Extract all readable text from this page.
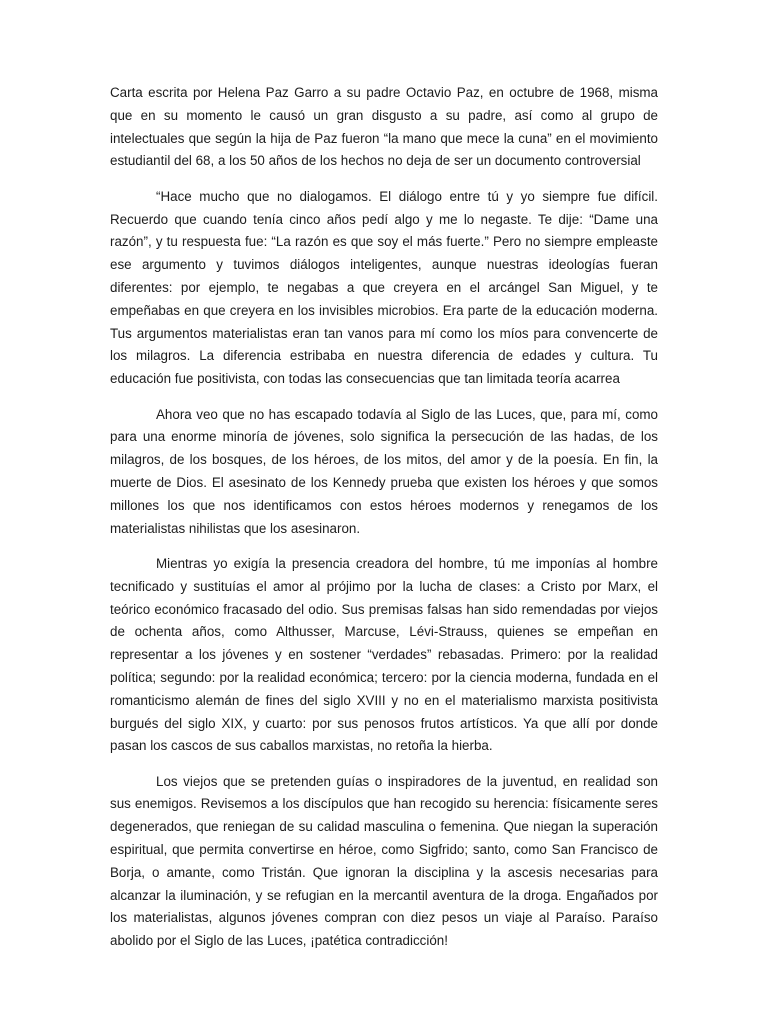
Carta escrita por Helena Paz Garro a su padre Octavio Paz, en octubre de 1968, misma que en su momento le causó un gran disgusto a su padre, así como al grupo de intelectuales que según la hija de Paz fueron “la mano que mece la cuna” en el movimiento estudiantil del 68, a los 50 años de los hechos no deja de ser un documento controversial

“Hace mucho que no dialogamos. El diálogo entre tú y yo siempre fue difícil. Recuerdo que cuando tenía cinco años pedí algo y me lo negaste. Te dije: “Dame una razón”, y tu respuesta fue: “La razón es que soy el más fuerte.” Pero no siempre empleaste ese argumento y tuvimos diálogos inteligentes, aunque nuestras ideologías fueran diferentes: por ejemplo, te negabas a que creyera en el arcángel San Miguel, y te empeñabas en que creyera en los invisibles microbios. Era parte de la educación moderna. Tus argumentos materialistas eran tan vanos para mí como los míos para convencerte de los milagros. La diferencia estribaba en nuestra diferencia de edades y cultura. Tu educación fue positivista, con todas las consecuencias que tan limitada teoría acarrea

Ahora veo que no has escapado todavía al Siglo de las Luces, que, para mí, como para una enorme minoría de jóvenes, solo significa la persecución de las hadas, de los milagros, de los bosques, de los héroes, de los mitos, del amor y de la poesía. En fin, la muerte de Dios. El asesinato de los Kennedy prueba que existen los héroes y que somos millones los que nos identificamos con estos héroes modernos y renegamos de los materialistas nihilistas que los asesinaron.

Mientras yo exigía la presencia creadora del hombre, tú me imponías al hombre tecnificado y sustituías el amor al prójimo por la lucha de clases: a Cristo por Marx, el teórico económico fracasado del odio. Sus premisas falsas han sido remendadas por viejos de ochenta años, como Althusser, Marcuse, Lévi-Strauss, quienes se empeñan en representar a los jóvenes y en sostener “verdades” rebasadas. Primero: por la realidad política; segundo: por la realidad económica; tercero: por la ciencia moderna, fundada en el romanticismo alemán de fines del siglo XVIII y no en el materialismo marxista positivista burgués del siglo XIX, y cuarto: por sus penosos frutos artísticos. Ya que allí por donde pasan los cascos de sus caballos marxistas, no retoña la hierba.

Los viejos que se pretenden guías o inspiradores de la juventud, en realidad son sus enemigos. Revisemos a los discípulos que han recogido su herencia: físicamente seres degenerados, que reniegan de su calidad masculina o femenina. Que niegan la superación espiritual, que permita convertirse en héroe, como Sigfrido; santo, como San Francisco de Borja, o amante, como Tristán. Que ignoran la disciplina y la ascesis necesarias para alcanzar la iluminación, y se refugian en la mercantil aventura de la droga. Engañados por los materialistas, algunos jóvenes compran con diez pesos un viaje al Paraíso. Paraíso abolido por el Siglo de las Luces, ¡patética contradicción!
